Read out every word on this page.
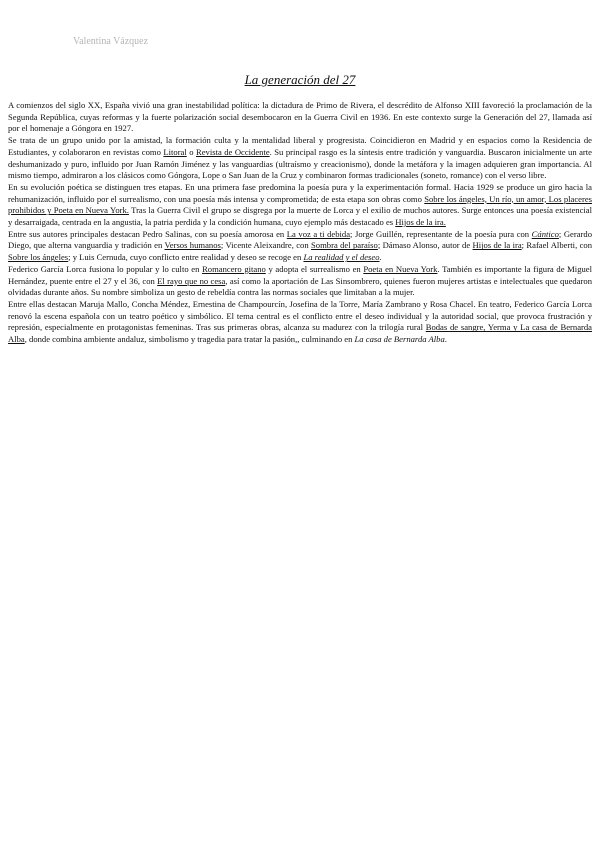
Valentina Vázquez
La generación del 27

A comienzos del siglo XX, España vivió una gran inestabilidad política: la dictadura de Primo de Rivera, el descrédito de Alfonso XIII favoreció la proclamación de la Segunda República, cuyas reformas y la fuerte polarización social desembocaron en la Guerra Civil en 1936. En este contexto surge la Generación del 27, llamada así por el homenaje a Góngora en 1927.

Se trata de un grupo unido por la amistad, la formación culta y la mentalidad liberal y progresista. Coincidieron en Madrid y en espacios como la Residencia de Estudiantes, y colaboraron en revistas como Litoral o Revista de Occidente. Su principal rasgo es la síntesis entre tradición y vanguardia. Buscaron inicialmente un arte deshumanizado y puro, influido por Juan Ramón Jiménez y las vanguardias (ultraísmo y creacionismo), donde la metáfora y la imagen adquieren gran importancia. Al mismo tiempo, admiraron a los clásicos como Góngora, Lope o San Juan de la Cruz y combinaron formas tradicionales (soneto, romance) con el verso libre.

En su evolución poética se distinguen tres etapas. En una primera fase predomina la poesía pura y la experimentación formal. Hacia 1929 se produce un giro hacia la rehumanización, influido por el surrealismo, con una poesía más intensa y comprometida; de esta etapa son obras como Sobre los ángeles, Un río, un amor, Los placeres prohibidos y Poeta en Nueva York. Tras la Guerra Civil el grupo se disgrega por la muerte de Lorca y el exilio de muchos autores. Surge entonces una poesía existencial y desarraigada, centrada en la angustia, la patria perdida y la condición humana, cuyo ejemplo más destacado es Hijos de la ira.

Entre sus autores principales destacan Pedro Salinas, con su poesía amorosa en La voz a ti debida; Jorge Guillén, representante de la poesía pura con Cántico; Gerardo Diego, que alterna vanguardia y tradición en Versos humanos; Vicente Aleixandre, con Sombra del paraíso; Dámaso Alonso, autor de Hijos de la ira; Rafael Alberti, con Sobre los ángeles; y Luis Cernuda, cuyo conflicto entre realidad y deseo se recoge en La realidad y el deseo.

Federico García Lorca fusiona lo popular y lo culto en Romancero gitano y adopta el surrealismo en Poeta en Nueva York. También es importante la figura de Miguel Hernández, puente entre el 27 y el 36, con El rayo que no cesa, así como la aportación de Las Sinsombrero, quienes fueron mujeres artistas e intelectuales que quedaron olvidadas durante años. Su nombre simboliza un gesto de rebeldía contra las normas sociales que limitaban a la mujer.

Entre ellas destacan Maruja Mallo, Concha Méndez, Ernestina de Champourcín, Josefina de la Torre, María Zambrano y Rosa Chacel. En teatro, Federico García Lorca renovó la escena española con un teatro poético y simbólico. El tema central es el conflicto entre el deseo individual y la autoridad social, que provoca frustración y represión, especialmente en protagonistas femeninas. Tras sus primeras obras, alcanza su madurez con la trilogía rural Bodas de sangre, Yerma y La casa de Bernarda Alba, donde combina ambiente andaluz, simbolismo y tragedia para tratar la pasión,, culminando en La casa de Bernarda Alba.
